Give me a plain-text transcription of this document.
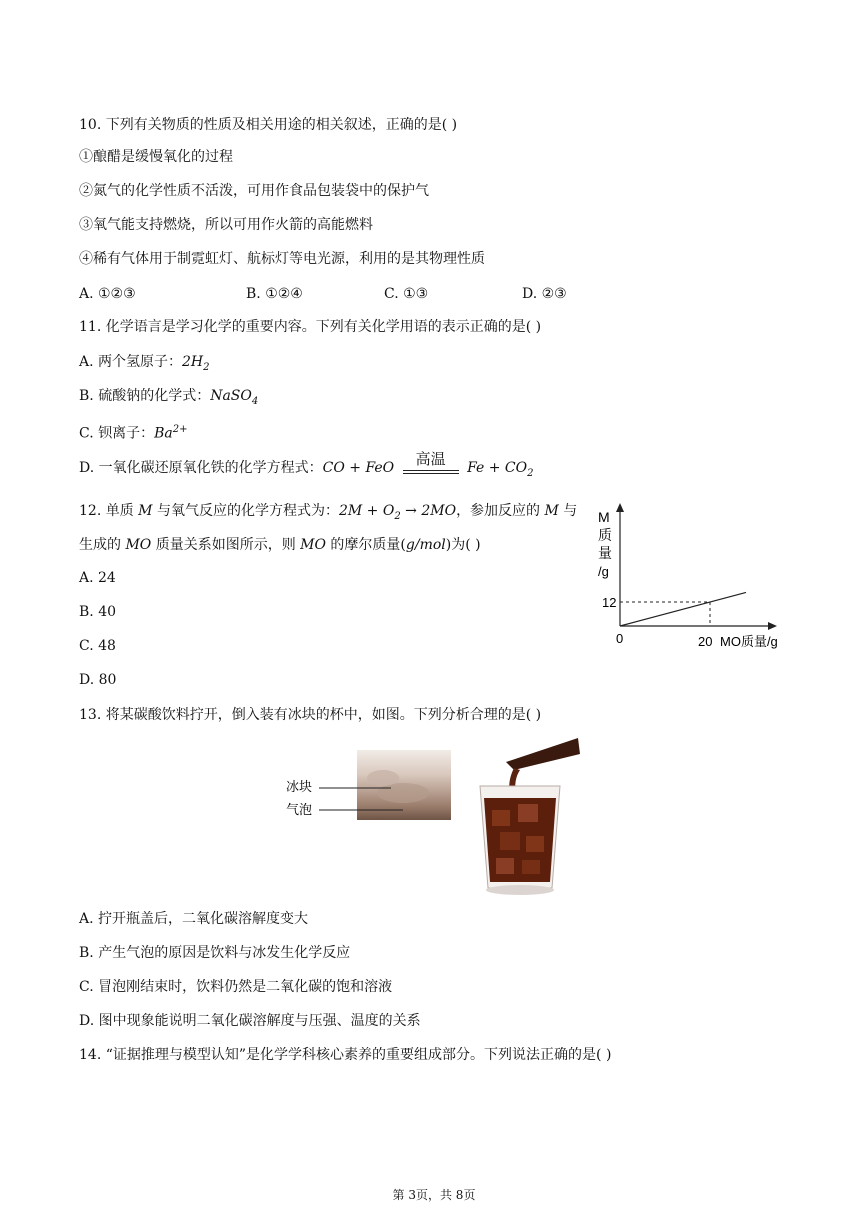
10. 下列有关物质的性质及相关用途的相关叙述，正确的是( )
①酿醋是缓慢氧化的过程
②氮气的化学性质不活泼，可用作食品包装袋中的保护气
③氧气能支持燃烧，所以可用作火箭的高能燃料
④稀有气体用于制霓虹灯、航标灯等电光源，利用的是其物理性质
A. ①②③	B. ①②④	C. ①③	D. ②③
11. 化学语言是学习化学的重要内容。下列有关化学用语的表示正确的是( )
A. 两个氢原子：$2H_2$
B. 硫酸钠的化学式：NaSO$_4$
C. 钡离子：$Ba^{2+}$
D. 一氧化碳还原氧化铁的化学方程式：CO + FeO	高温	$Fe + CO_2$
12. 单质 M 与氧气反应的化学方程式为：$2M + O_2 \to 2MO$，参加反应的 M 与
生成的 MO 质量关系如图所示，则 MO 的摩尔质量(g/mol)为( )
A. 24
B. 40
C. 48
D. 80
M
质
量
/g
12
0	20 MO质量/g
13. 将某碳酸饮料拧开，倒入装有冰块的杯中，如图。下列分析合理的是( )
冰块
气泡
A. 拧开瓶盖后，二氧化碳溶解度变大
B. 产生气泡的原因是饮料与冰发生化学反应
C. 冒泡刚结束时，饮料仍然是二氧化碳的饱和溶液
D. 图中现象能说明二氧化碳溶解度与压强、温度的关系
14. “证据推理与模型认知”是化学学科核心素养的重要组成部分。下列说法正确的是( )
第 3页，共 8页
